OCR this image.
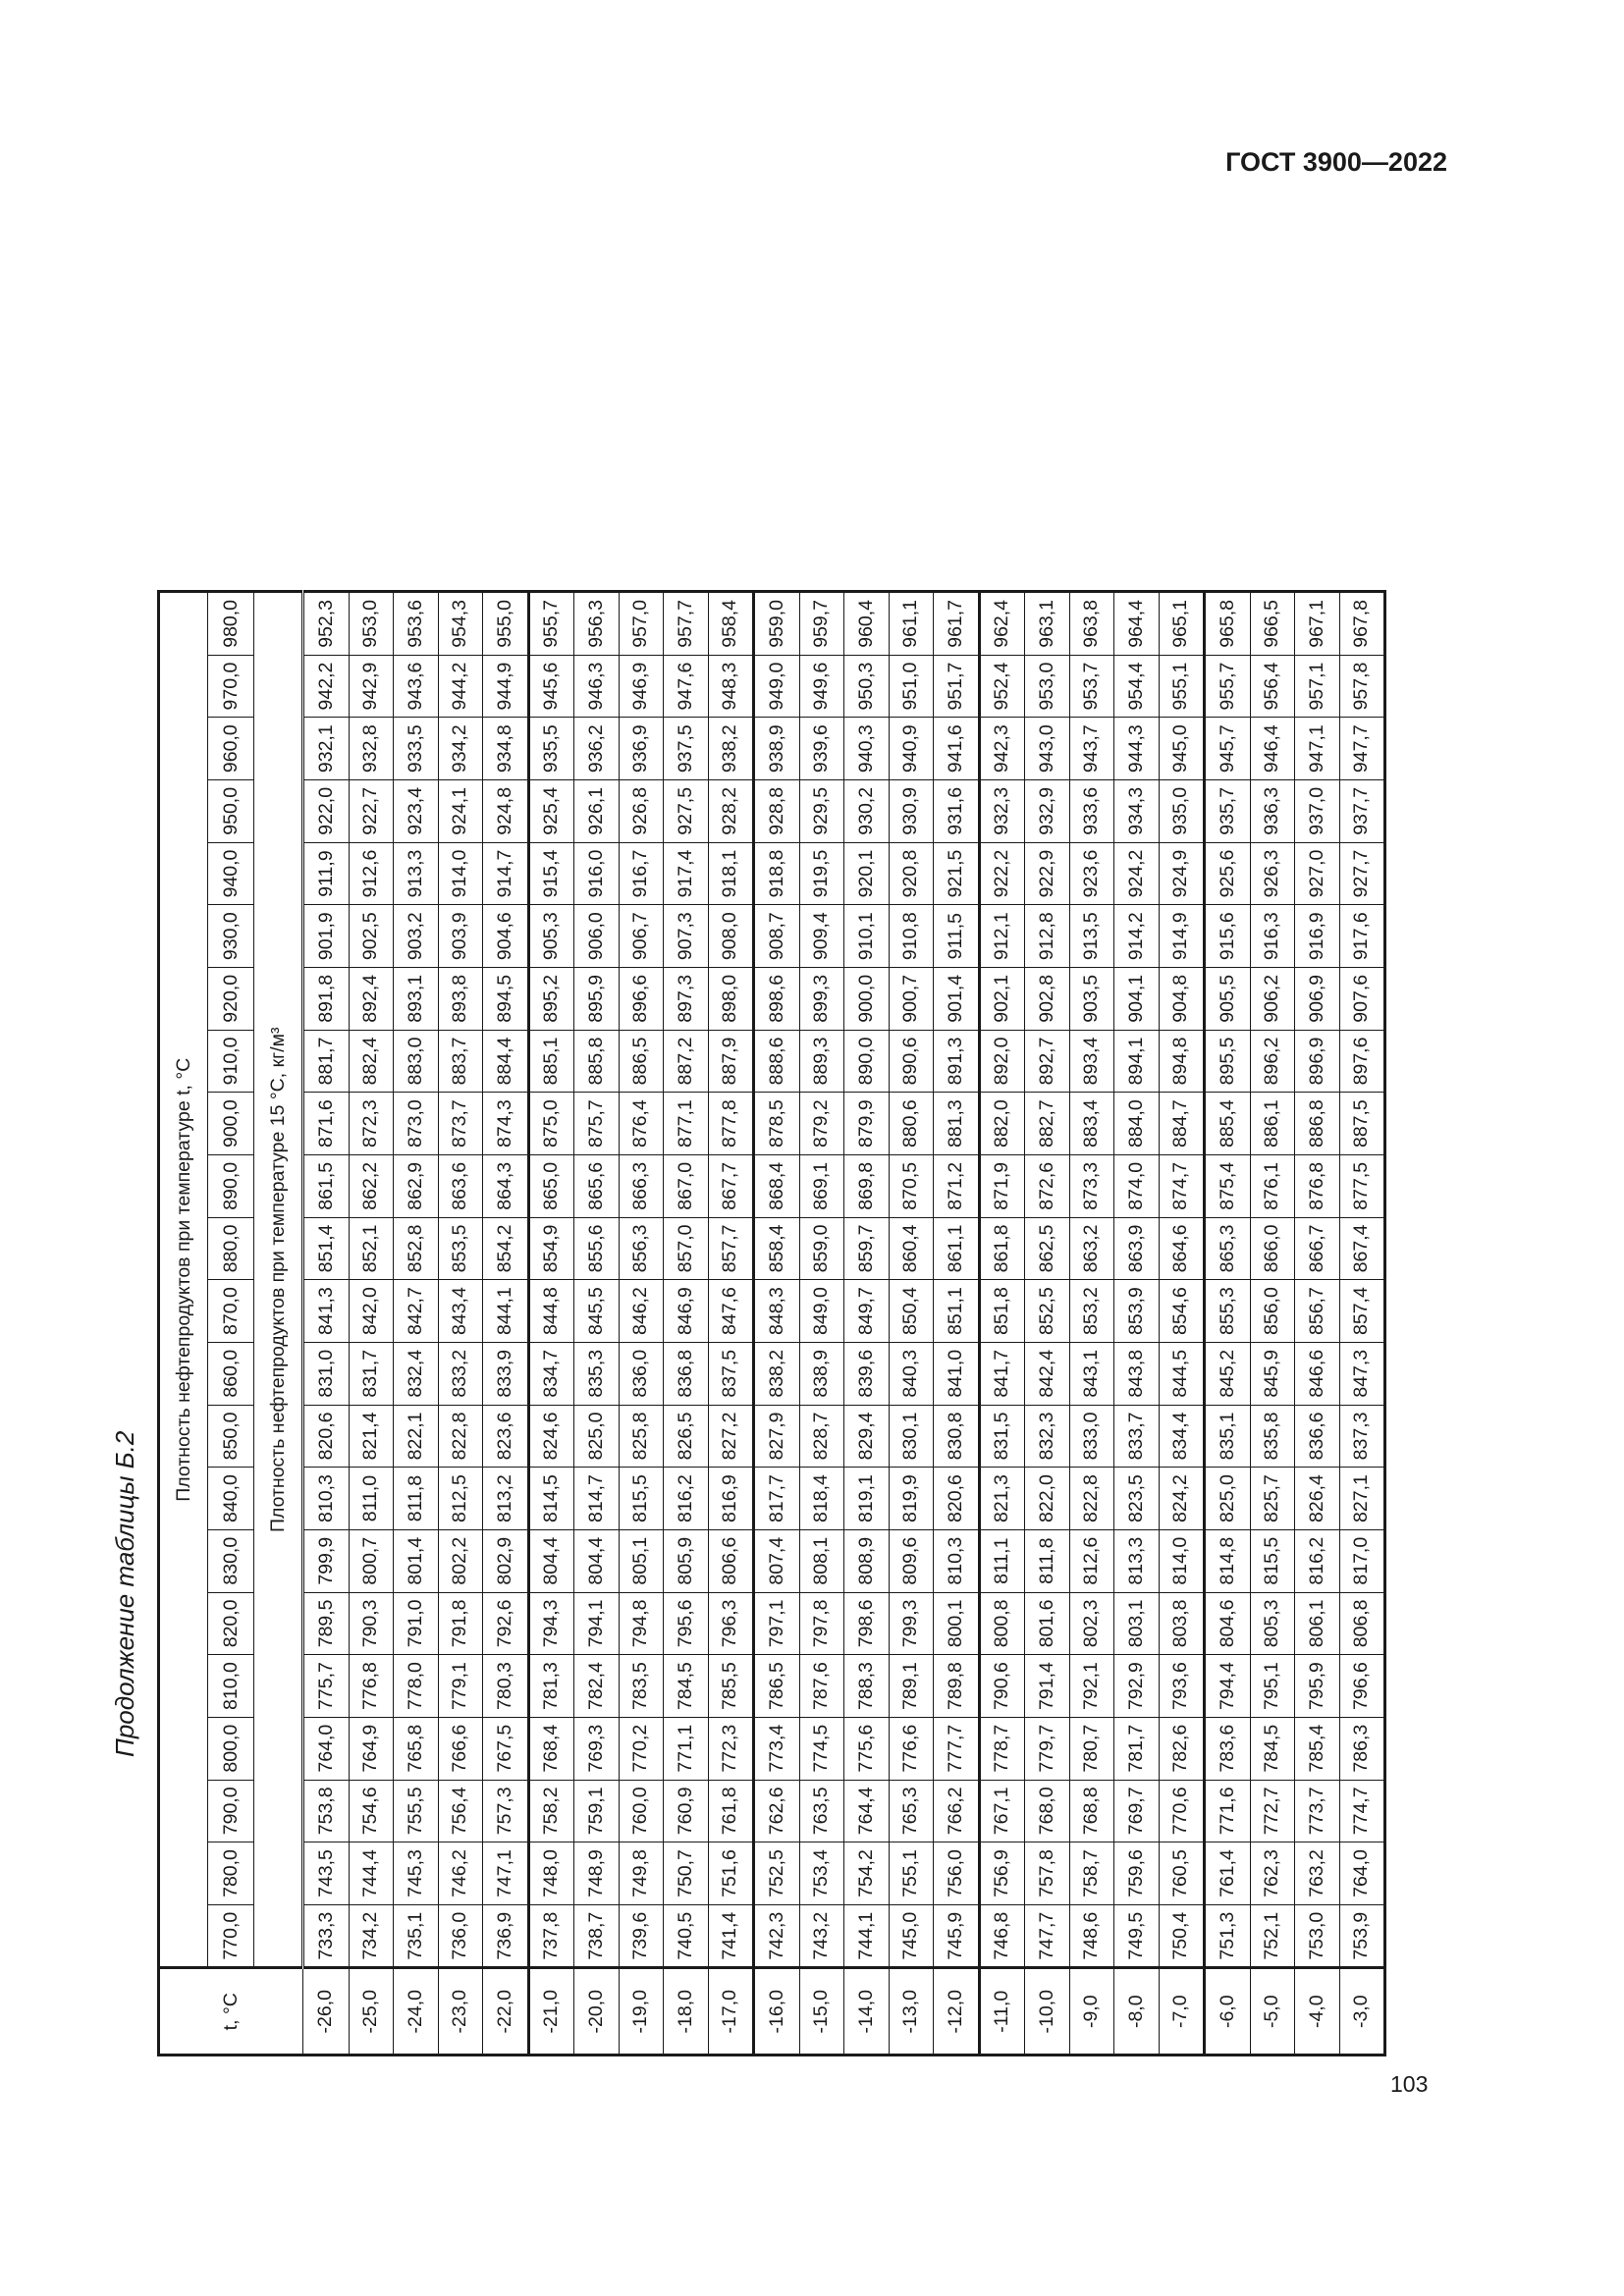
ГОСТ 3900—2022
Продолжение таблицы Б.2
t, °C	Плотность нефтепродуктов при температуре t, °C																					
	770,0	780,0	790,0	800,0	810,0	820,0	830,0	840,0	850,0	860,0	870,0	880,0	890,0	900,0	910,0	920,0	930,0	940,0	950,0	960,0	970,0	980,0
	Плотность нефтепродуктов при температуре 15 °C, кг/м³																					
-26,0	733,3	743,5	753,8	764,0	775,7	789,5	799,9	810,3	820,6	831,0	841,3	851,4	861,5	871,6	881,7	891,8	901,9	911,9	922,0	932,1	942,2	952,3
-25,0	734,2	744,4	754,6	764,9	776,8	790,3	800,7	811,0	821,4	831,7	842,0	852,1	862,2	872,3	882,4	892,4	902,5	912,6	922,7	932,8	942,9	953,0
-24,0	735,1	745,3	755,5	765,8	778,0	791,0	801,4	811,8	822,1	832,4	842,7	852,8	862,9	873,0	883,0	893,1	903,2	913,3	923,4	933,5	943,6	953,6
-23,0	736,0	746,2	756,4	766,6	779,1	791,8	802,2	812,5	822,8	833,2	843,4	853,5	863,6	873,7	883,7	893,8	903,9	914,0	924,1	934,2	944,2	954,3
-22,0	736,9	747,1	757,3	767,5	780,3	792,6	802,9	813,2	823,6	833,9	844,1	854,2	864,3	874,3	884,4	894,5	904,6	914,7	924,8	934,8	944,9	955,0
-21,0	737,8	748,0	758,2	768,4	781,3	794,3	804,4	814,5	824,6	834,7	844,8	854,9	865,0	875,0	885,1	895,2	905,3	915,4	925,4	935,5	945,6	955,7
-20,0	738,7	748,9	759,1	769,3	782,4	794,1	804,4	814,7	825,0	835,3	845,5	855,6	865,6	875,7	885,8	895,9	906,0	916,0	926,1	936,2	946,3	956,3
-19,0	739,6	749,8	760,0	770,2	783,5	794,8	805,1	815,5	825,8	836,0	846,2	856,3	866,3	876,4	886,5	896,6	906,7	916,7	926,8	936,9	946,9	957,0
-18,0	740,5	750,7	760,9	771,1	784,5	795,6	805,9	816,2	826,5	836,8	846,9	857,0	867,0	877,1	887,2	897,3	907,3	917,4	927,5	937,5	947,6	957,7
-17,0	741,4	751,6	761,8	772,3	785,5	796,3	806,6	816,9	827,2	837,5	847,6	857,7	867,7	877,8	887,9	898,0	908,0	918,1	928,2	938,2	948,3	958,4
-16,0	742,3	752,5	762,6	773,4	786,5	797,1	807,4	817,7	827,9	838,2	848,3	858,4	868,4	878,5	888,6	898,6	908,7	918,8	928,8	938,9	949,0	959,0
-15,0	743,2	753,4	763,5	774,5	787,6	797,8	808,1	818,4	828,7	838,9	849,0	859,0	869,1	879,2	889,3	899,3	909,4	919,5	929,5	939,6	949,6	959,7
-14,0	744,1	754,2	764,4	775,6	788,3	798,6	808,9	819,1	829,4	839,6	849,7	859,7	869,8	879,9	890,0	900,0	910,1	920,1	930,2	940,3	950,3	960,4
-13,0	745,0	755,1	765,3	776,6	789,1	799,3	809,6	819,9	830,1	840,3	850,4	860,4	870,5	880,6	890,6	900,7	910,8	920,8	930,9	940,9	951,0	961,1
-12,0	745,9	756,0	766,2	777,7	789,8	800,1	810,3	820,6	830,8	841,0	851,1	861,1	871,2	881,3	891,3	901,4	911,5	921,5	931,6	941,6	951,7	961,7
-11,0	746,8	756,9	767,1	778,7	790,6	800,8	811,1	821,3	831,5	841,7	851,8	861,8	871,9	882,0	892,0	902,1	912,1	922,2	932,3	942,3	952,4	962,4
-10,0	747,7	757,8	768,0	779,7	791,4	801,6	811,8	822,0	832,3	842,4	852,5	862,5	872,6	882,7	892,7	902,8	912,8	922,9	932,9	943,0	953,0	963,1
-9,0	748,6	758,7	768,8	780,7	792,1	802,3	812,6	822,8	833,0	843,1	853,2	863,2	873,3	883,4	893,4	903,5	913,5	923,6	933,6	943,7	953,7	963,8
-8,0	749,5	759,6	769,7	781,7	792,9	803,1	813,3	823,5	833,7	843,8	853,9	863,9	874,0	884,0	894,1	904,1	914,2	924,2	934,3	944,3	954,4	964,4
-7,0	750,4	760,5	770,6	782,6	793,6	803,8	814,0	824,2	834,4	844,5	854,6	864,6	874,7	884,7	894,8	904,8	914,9	924,9	935,0	945,0	955,1	965,1
-6,0	751,3	761,4	771,6	783,6	794,4	804,6	814,8	825,0	835,1	845,2	855,3	865,3	875,4	885,4	895,5	905,5	915,6	925,6	935,7	945,7	955,7	965,8
-5,0	752,1	762,3	772,7	784,5	795,1	805,3	815,5	825,7	835,8	845,9	856,0	866,0	876,1	886,1	896,2	906,2	916,3	926,3	936,3	946,4	956,4	966,5
-4,0	753,0	763,2	773,7	785,4	795,9	806,1	816,2	826,4	836,6	846,6	856,7	866,7	876,8	886,8	896,9	906,9	916,9	927,0	937,0	947,1	957,1	967,1
-3,0	753,9	764,0	774,7	786,3	796,6	806,8	817,0	827,1	837,3	847,3	857,4	867,4	877,5	887,5	897,6	907,6	917,6	927,7	937,7	947,7	957,8	967,8
103
